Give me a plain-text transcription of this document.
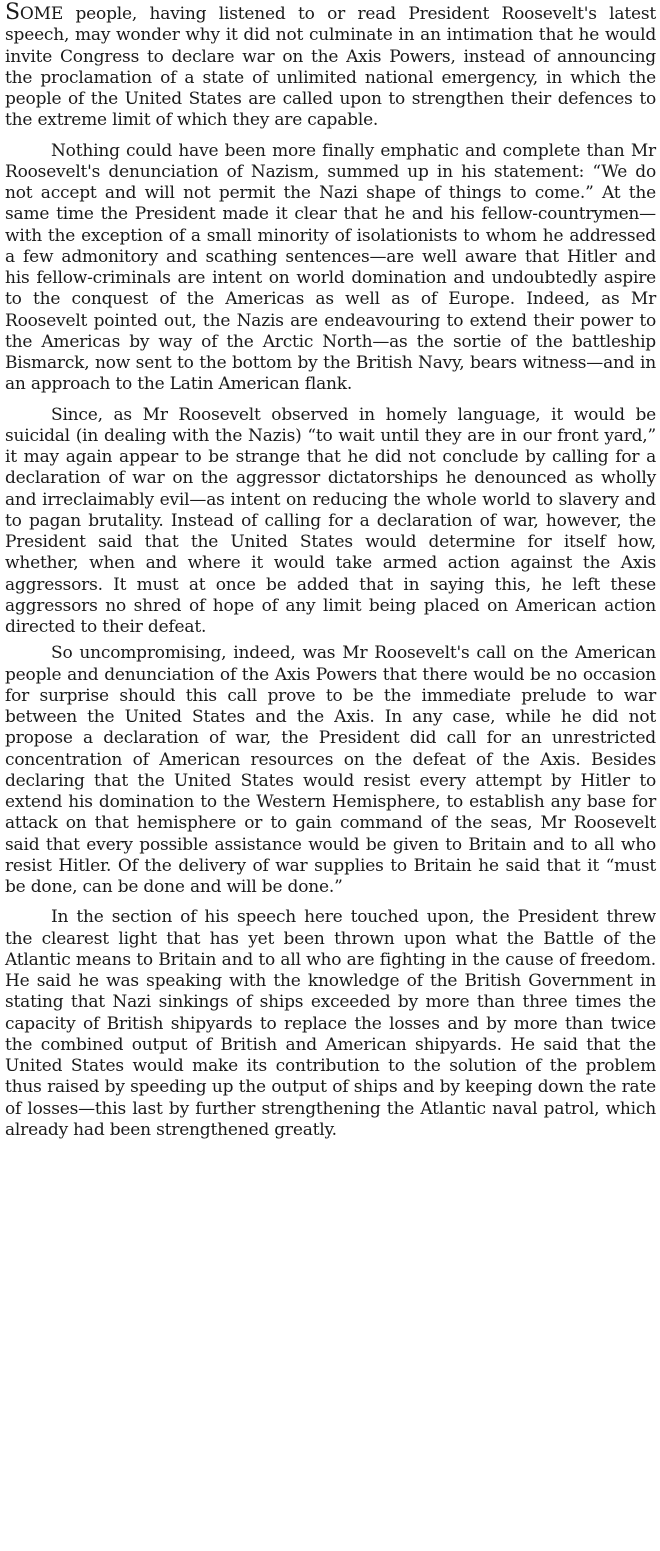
SOME people, having listened to or read President Roosevelt's latest speech, may wonder why it did not culminate in an intimation that he would invite Congress to declare war on the Axis Powers, instead of announcing the proclamation of a state of unlimited national emergency, in which the people of the United States are called upon to strengthen their defences to the extreme limit of which they are capable.

Nothing could have been more finally emphatic and complete than Mr Roosevelt's denunciation of Nazism, summed up in his statement: “We do not accept and will not permit the Nazi shape of things to come.” At the same time the President made it clear that he and his fellow-countrymen—with the exception of a small minority of isolationists to whom he addressed a few admonitory and scathing sentences—are well aware that Hitler and his fellow-criminals are intent on world domination and undoubtedly aspire to the conquest of the Americas as well as of Europe. Indeed, as Mr Roosevelt pointed out, the Nazis are endeavouring to extend their power to the Americas by way of the Arctic North—as the sortie of the battleship Bismarck, now sent to the bottom by the British Navy, bears witness—and in an approach to the Latin American flank.

Since, as Mr Roosevelt observed in homely language, it would be suicidal (in dealing with the Nazis) “to wait until they are in our front yard,” it may again appear to be strange that he did not conclude by calling for a declaration of war on the aggressor dictatorships he denounced as wholly and irreclaimably evil—as intent on reducing the whole world to slavery and to pagan brutality. Instead of calling for a declaration of war, however, the President said that the United States would determine for itself how, whether, when and where it would take armed action against the Axis aggressors. It must at once be added that in saying this, he left these aggressors no shred of hope of any limit being placed on American action directed to their defeat.

So uncompromising, indeed, was Mr Roosevelt's call on the American people and denunciation of the Axis Powers that there would be no occasion for surprise should this call prove to be the immediate prelude to war between the United States and the Axis. In any case, while he did not propose a declaration of war, the President did call for an unrestricted concentration of American resources on the defeat of the Axis. Besides declaring that the United States would resist every attempt by Hitler to extend his domination to the Western Hemisphere, to establish any base for attack on that hemisphere or to gain command of the seas, Mr Roosevelt said that every possible assistance would be given to Britain and to all who resist Hitler. Of the delivery of war supplies to Britain he said that it “must be done, can be done and will be done.”

In the section of his speech here touched upon, the President threw the clearest light that has yet been thrown upon what the Battle of the Atlantic means to Britain and to all who are fighting in the cause of freedom. He said he was speaking with the knowledge of the British Government in stating that Nazi sinkings of ships exceeded by more than three times the capacity of British shipyards to replace the losses and by more than twice the combined output of British and American shipyards. He said that the United States would make its contribution to the solution of the problem thus raised by speeding up the output of ships and by keeping down the rate of losses—this last by further strengthening the Atlantic naval patrol, which already had been strengthened greatly.
